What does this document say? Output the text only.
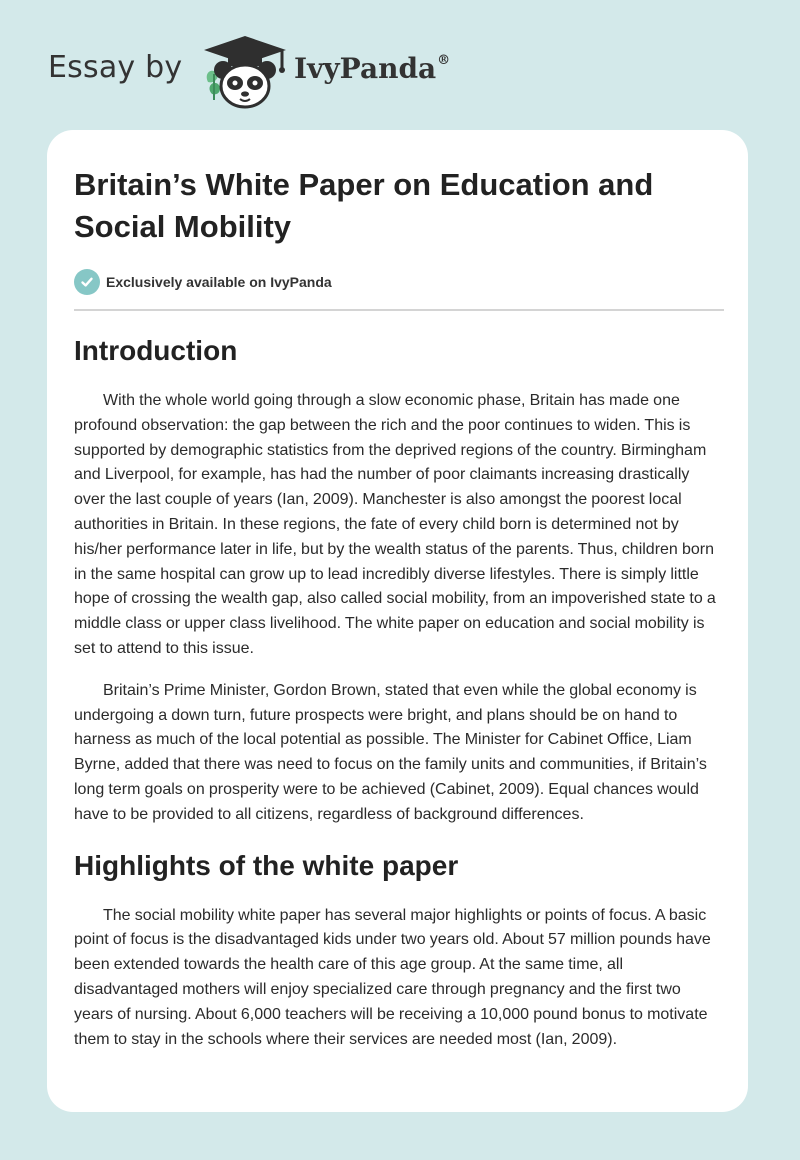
Essay by	IvyPanda®
Britain’s White Paper on Education and Social Mobility
Exclusively available on IvyPanda
Introduction

With the whole world going through a slow economic phase, Britain has made one profound observation: the gap between the rich and the poor continues to widen. This is supported by demographic statistics from the deprived regions of the country. Birmingham and Liverpool, for example, has had the number of poor claimants increasing drastically over the last couple of years (Ian, 2009). Manchester is also amongst the poorest local authorities in Britain. In these regions, the fate of every child born is determined not by his/her performance later in life, but by the wealth status of the parents. Thus, children born in the same hospital can grow up to lead incredibly diverse lifestyles. There is simply little hope of crossing the wealth gap, also called social mobility, from an impoverished state to a middle class or upper class livelihood. The white paper on education and social mobility is set to attend to this issue.

Britain’s Prime Minister, Gordon Brown, stated that even while the global economy is undergoing a down turn, future prospects were bright, and plans should be on hand to harness as much of the local potential as possible. The Minister for Cabinet Office, Liam Byrne, added that there was need to focus on the family units and communities, if Britain’s long term goals on prosperity were to be achieved (Cabinet, 2009). Equal chances would have to be provided to all citizens, regardless of background differences.

Highlights of the white paper

The social mobility white paper has several major highlights or points of focus. A basic point of focus is the disadvantaged kids under two years old. About 57 million pounds have been extended towards the health care of this age group. At the same time, all disadvantaged mothers will enjoy specialized care through pregnancy and the first two years of nursing. About 6,000 teachers will be receiving a 10,000 pound bonus to motivate them to stay in the schools where their services are needed most (Ian, 2009).
